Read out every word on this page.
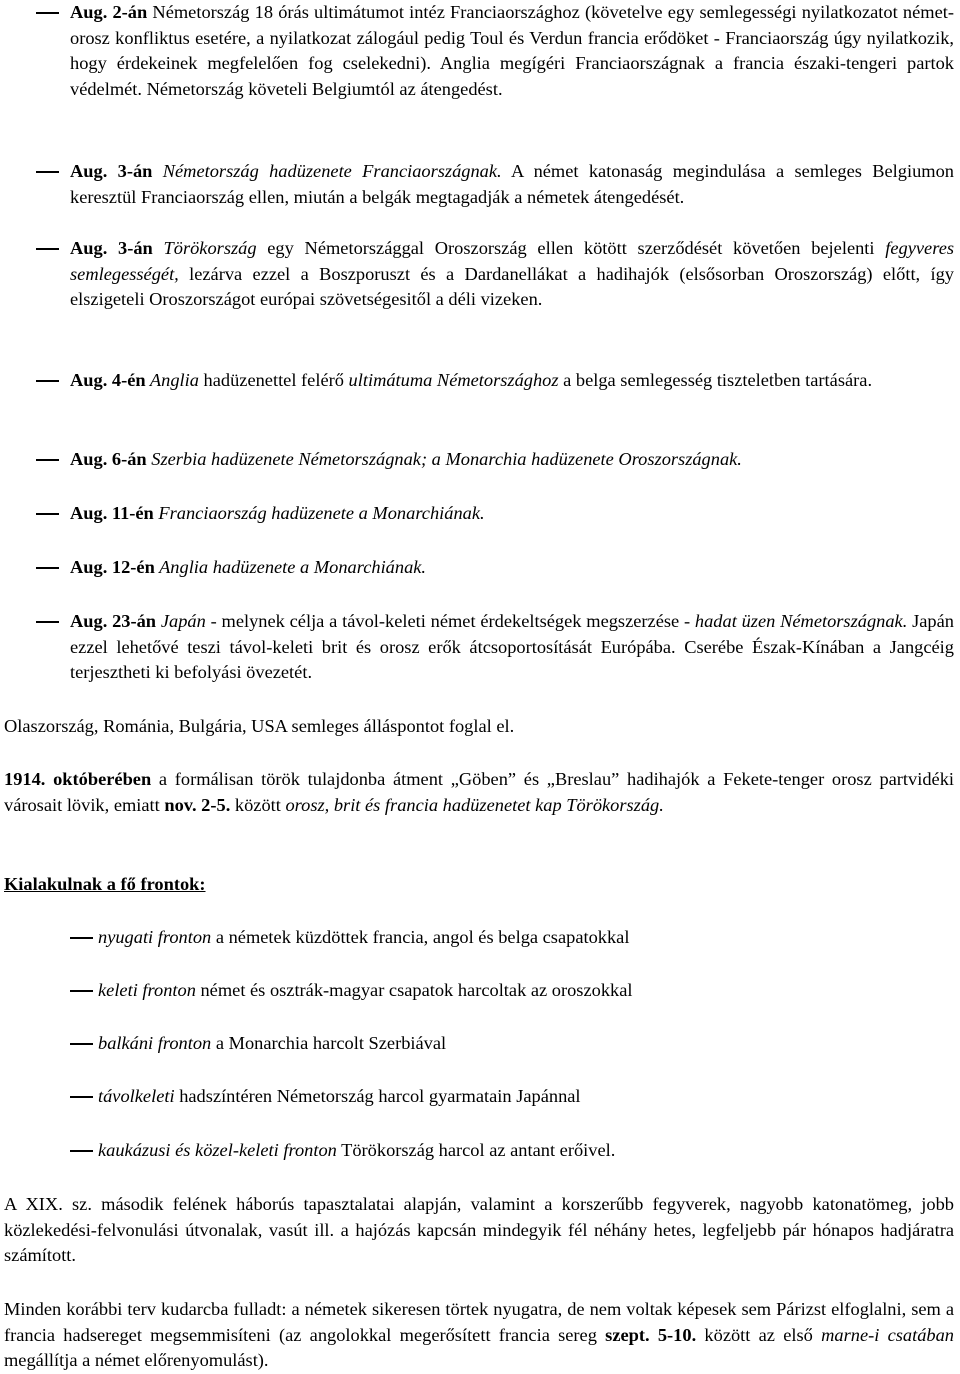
Aug. 2-án Németország 18 órás ultimátumot intéz Franciaországhoz (követelve egy semlegességi nyilatkozatot német-orosz konfliktus esetére, a nyilatkozat zálogául pedig Toul és Verdun francia erődöket - Franciaország úgy nyilatkozik, hogy érdekeinek megfelelően fog cselekedni). Anglia megígéri Franciaországnak a francia északi-tengeri partok védelmét. Németország követeli Belgiumtól az átengedést.
Aug. 3-án Németország hadüzenete Franciaországnak. A német katonaság megindulása a semleges Belgiumon keresztül Franciaország ellen, miután a belgák megtagadják a németek átengedését.
Aug. 3-án Törökország egy Németországgal Oroszország ellen kötött szerződését követően bejelenti fegyveres semlegességét, lezárva ezzel a Boszporuszt és a Dardanellákat a hadihajók (elsősorban Oroszország) előtt, így elszigeteli Oroszországot európai szövetségesitől a déli vizeken.
Aug. 4-én Anglia hadüzenettel felérő ultimátuma Németországhoz a belga semlegesség tiszteletben tartására.
Aug. 6-án Szerbia hadüzenete Németországnak; a Monarchia hadüzenete Oroszországnak.
Aug. 11-én Franciaország hadüzenete a Monarchiának.
Aug. 12-én Anglia hadüzenete a Monarchiának.
Aug. 23-án Japán - melynek célja a távol-keleti német érdekeltségek megszerzése - hadat üzen Németországnak. Japán ezzel lehetővé teszi távol-keleti brit és orosz erők átcsoportosítását Európába. Cserébe Észak-Kínában a Jangcéig terjesztheti ki befolyási övezetét.
Olaszország, Románia, Bulgária, USA semleges álláspontot foglal el.
1914. októberében a formálisan török tulajdonba átment „Göben” és „Breslau” hadihajók a Fekete-tenger orosz partvidéki városait lövik, emiatt nov. 2-5. között orosz, brit és francia hadüzenetet kap Törökország.
Kialakulnak a fő frontok:
nyugati fronton a németek küzdöttek francia, angol és belga csapatokkal
keleti fronton német és osztrák-magyar csapatok harcoltak az oroszokkal
balkáni fronton a Monarchia harcolt Szerbiával
távolkeleti hadszíntéren Németország harcol gyarmatain Japánnal
kaukázusi és közel-keleti fronton Törökország harcol az antant erőivel.
A XIX. sz. második felének háborús tapasztalatai alapján, valamint a korszerűbb fegyverek, nagyobb katonatömeg, jobb közlekedési-felvonulási útvonalak, vasút ill. a hajózás kapcsán mindegyik fél néhány hetes, legfeljebb pár hónapos hadjáratra számított.
Minden korábbi terv kudarcba fulladt: a németek sikeresen törtek nyugatra, de nem voltak képesek sem Párizst elfoglalni, sem a francia hadsereget megsemmisíteni (az angolokkal megerősített francia sereg szept. 5-10. között az első marne-i csatában megállítja a német előrenyomulást).
